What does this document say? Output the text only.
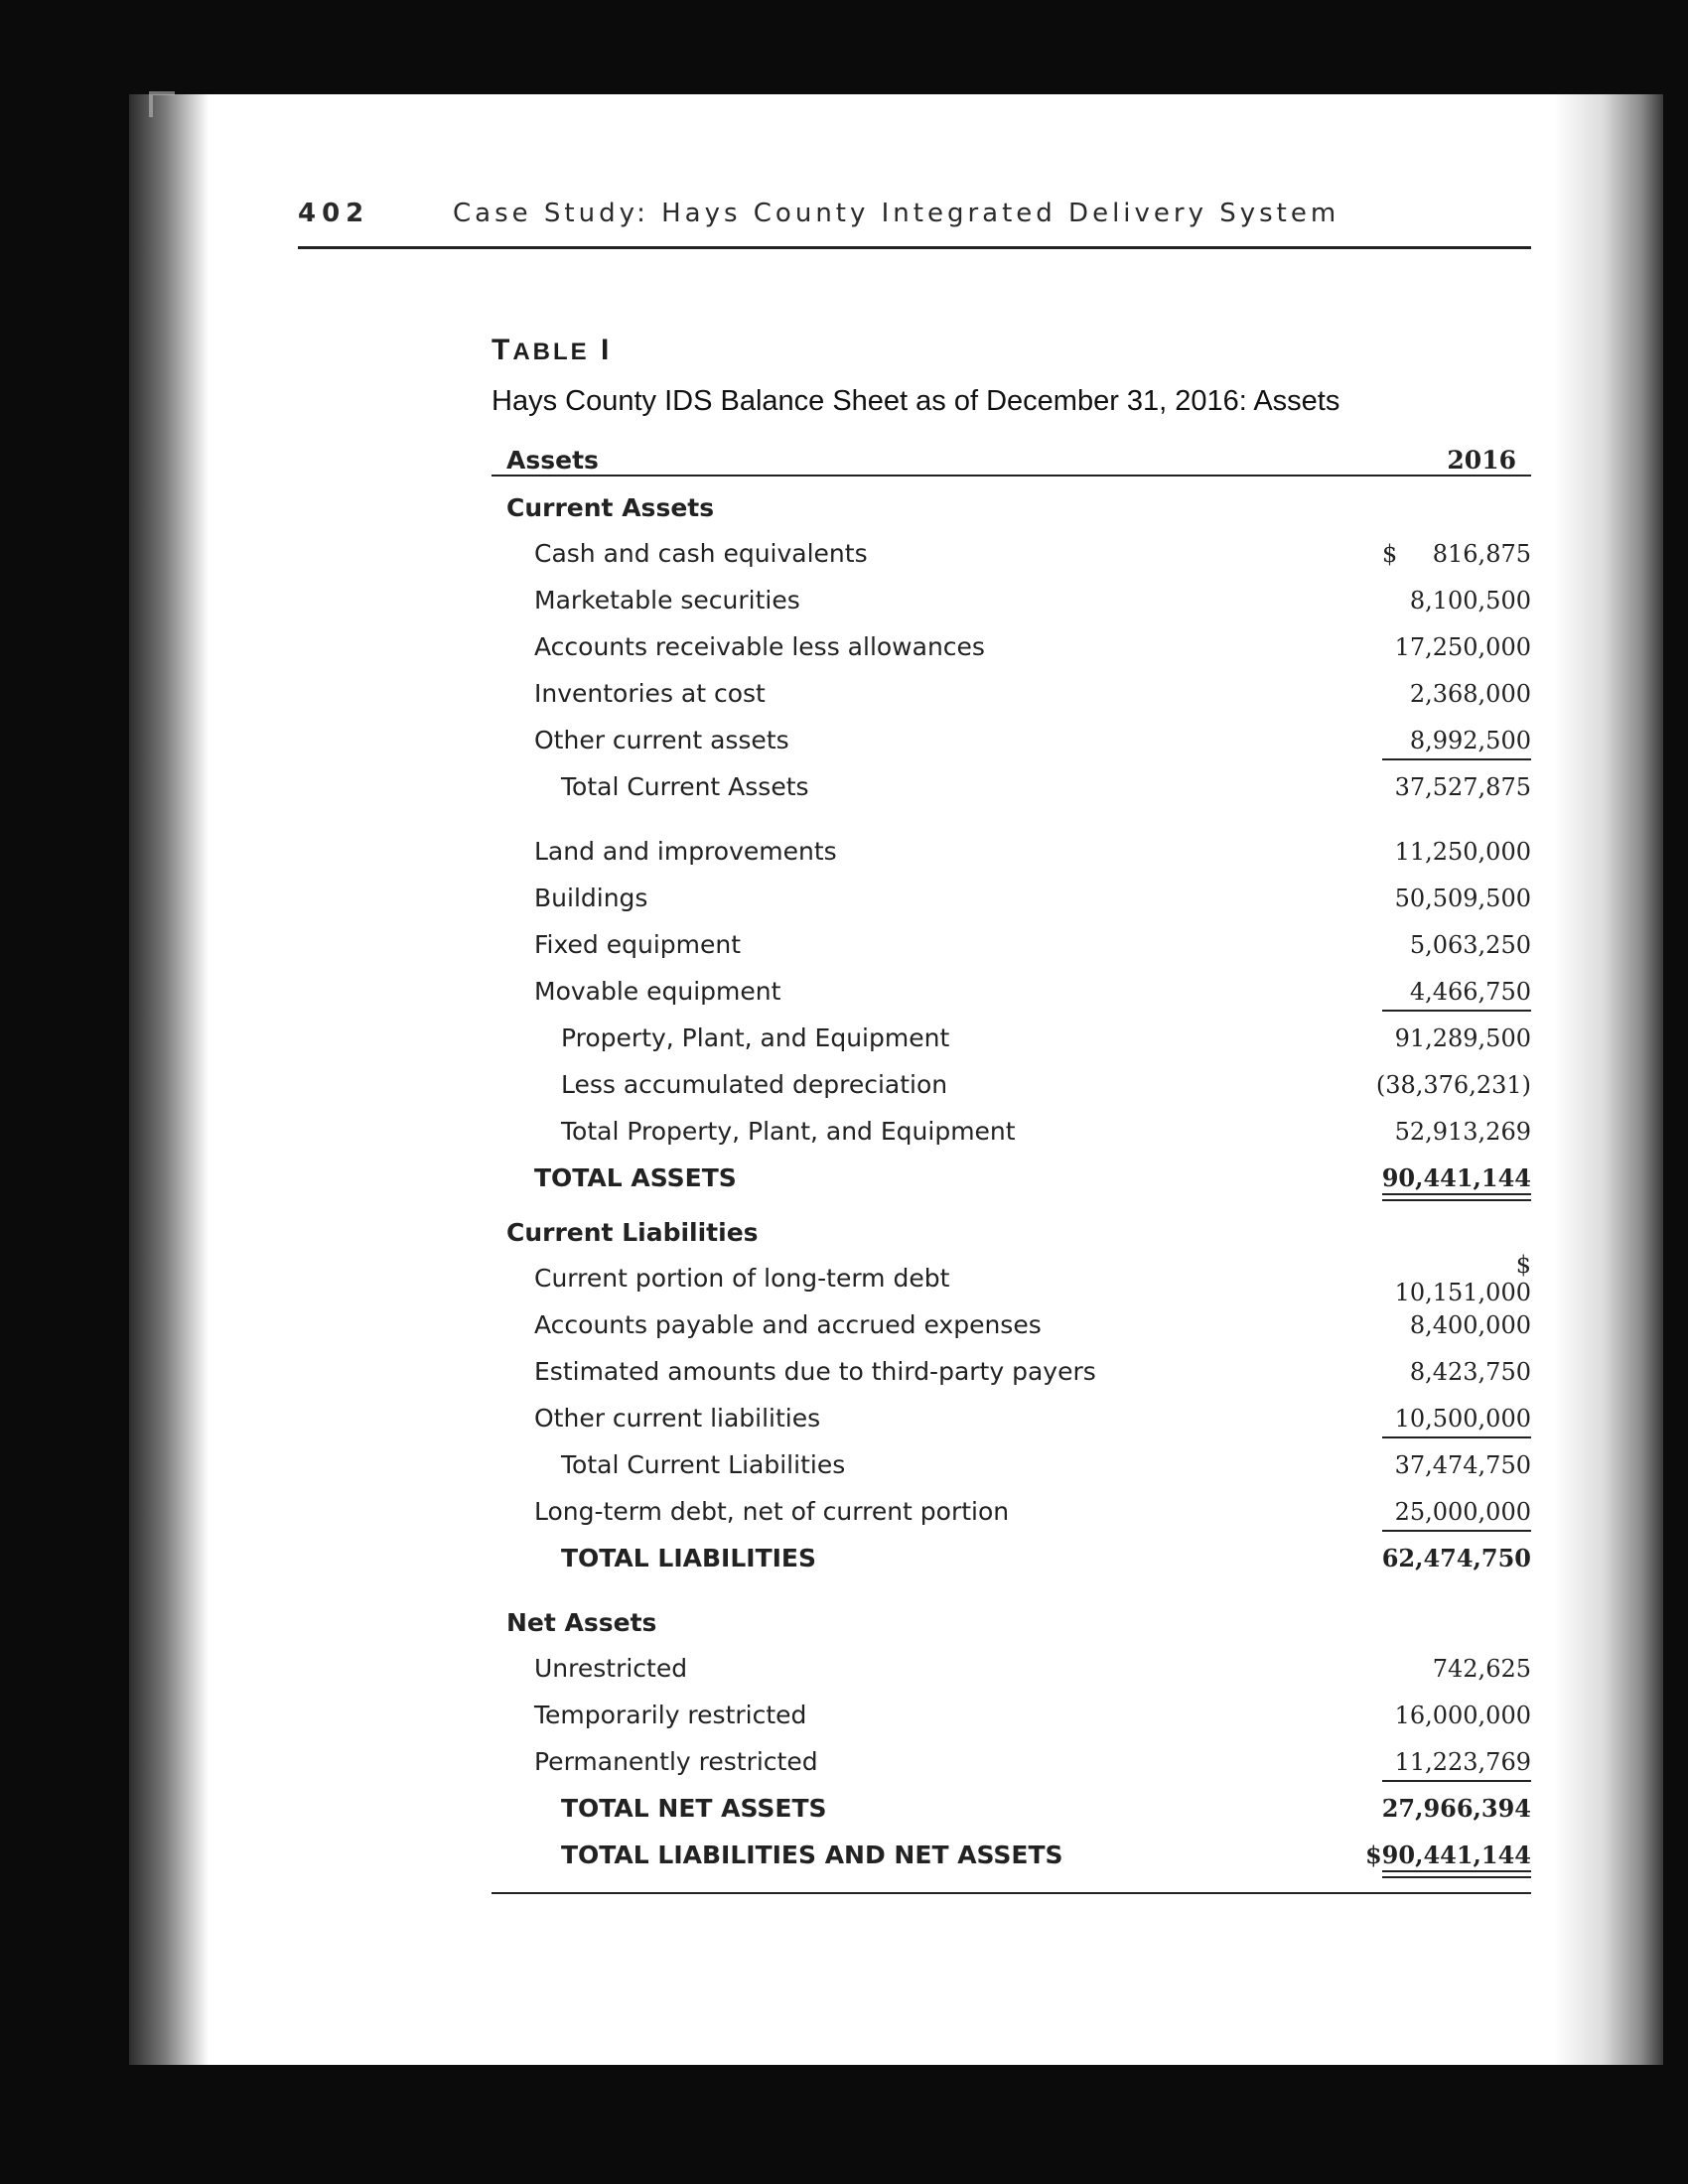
402	Case Study: Hays County Integrated Delivery System
TABLE I
Hays County IDS Balance Sheet as of December 31, 2016: Assets
Assets	2016
Current Assets
Cash and cash equivalents	$ 816,875
Marketable securities	8,100,500
Accounts receivable less allowances	17,250,000
Inventories at cost	2,368,000
Other current assets	8,992,500
Total Current Assets	37,527,875
Land and improvements	11,250,000
Buildings	50,509,500
Fixed equipment	5,063,250
Movable equipment	4,466,750
Property, Plant, and Equipment	91,289,500
Less accumulated depreciation	(38,376,231)
Total Property, Plant, and Equipment	52,913,269
TOTAL ASSETS	90,441,144
Current Liabilities
Current portion of long-term debt	$ 10,151,000
Accounts payable and accrued expenses	8,400,000
Estimated amounts due to third-party payers	8,423,750
Other current liabilities	10,500,000
Total Current Liabilities	37,474,750
Long-term debt, net of current portion	25,000,000
TOTAL LIABILITIES	62,474,750
Net Assets
Unrestricted	742,625
Temporarily restricted	16,000,000
Permanently restricted	11,223,769
TOTAL NET ASSETS	27,966,394
TOTAL LIABILITIES AND NET ASSETS	$90,441,144
